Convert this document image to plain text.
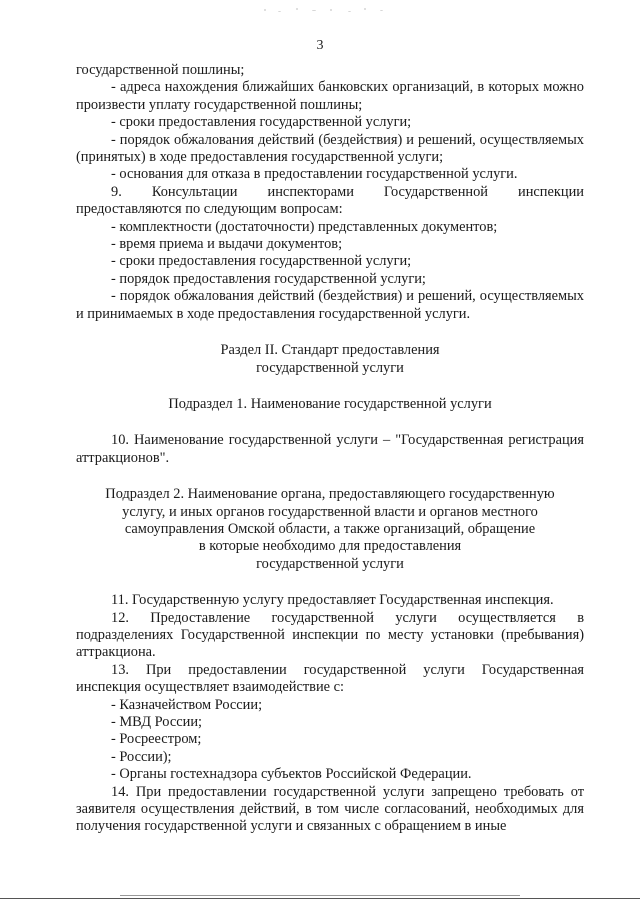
3

государственной пошлины;

- адреса нахождения ближайших банковских организаций, в которых можно произвести уплату государственной пошлины;

- сроки предоставления государственной услуги;

- порядок обжалования действий (бездействия) и решений, осуществляемых (принятых) в ходе предоставления государственной услуги;

- основания для отказа в предоставлении государственной услуги.

9. Консультации инспекторами Государственной инспекции предоставляются по следующим вопросам:

- комплектности (достаточности) представленных документов;

- время приема и выдачи документов;

- сроки предоставления государственной услуги;

- порядок предоставления государственной услуги;

- порядок обжалования действий (бездействия) и решений, осуществляемых и принимаемых в ходе предоставления государственной услуги.

Раздел II. Стандарт предоставления

государственной услуги

Подраздел 1. Наименование государственной услуги

10. Наименование государственной услуги – "Государственная регистрация аттракционов".

Подраздел 2. Наименование органа, предоставляющего государственную

услугу, и иных органов государственной власти и органов местного

самоуправления Омской области, а также организаций, обращение

в которые необходимо для предоставления

государственной услуги

11. Государственную услугу предоставляет Государственная инспекция.

12. Предоставление государственной услуги осуществляется в подразделениях Государственной инспекции по месту установки (пребывания) аттракциона.

13. При предоставлении государственной услуги Государственная инспекция осуществляет взаимодействие с:

- Казначейством России;

- МВД России;

- Росреестром;

- России);

- Органы гостехнадзора субъектов Российской Федерации.

14. При предоставлении государственной услуги запрещено требовать от заявителя осуществления действий, в том числе согласований, необходимых для получения государственной услуги и связанных с обращением в иные
